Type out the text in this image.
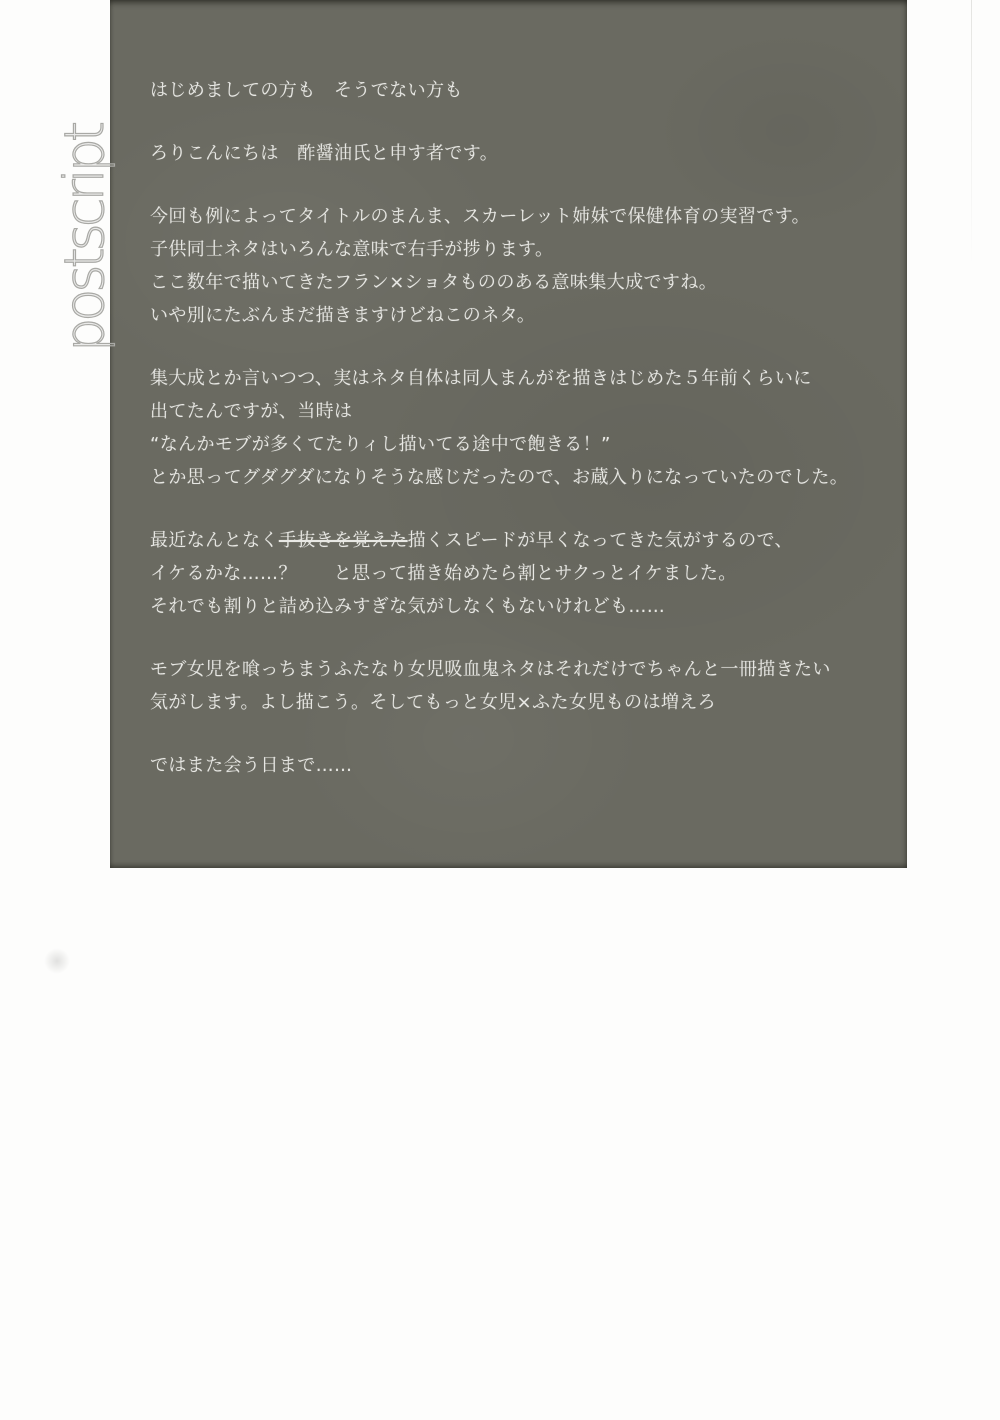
postscript
はじめましての方も　そうでない方も
ろりこんにちは　酢醤油氏と申す者です。
今回も例によってタイトルのまんま、スカーレット姉妹で保健体育の実習です。
子供同士ネタはいろんな意味で右手が捗ります。
ここ数年で描いてきたフラン×ショタもののある意味集大成ですね。
いや別にたぶんまだ描きますけどねこのネタ。
集大成とか言いつつ、実はネタ自体は同人まんがを描きはじめた５年前くらいに
出てたんですが、当時は
“なんかモブが多くてたりィし描いてる途中で飽きる！”
とか思ってグダグダになりそうな感じだったので、お蔵入りになっていたのでした。
最近なんとなく手抜きを覚えた描くスピードが早くなってきた気がするので、
イケるかな……？　　と思って描き始めたら割とサクっとイケました。
それでも割りと詰め込みすぎな気がしなくもないけれども……
モブ女児を喰っちまうふたなり女児吸血鬼ネタはそれだけでちゃんと一冊描きたい
気がします。よし描こう。そしてもっと女児×ふた女児ものは増えろ
ではまた会う日まで……
